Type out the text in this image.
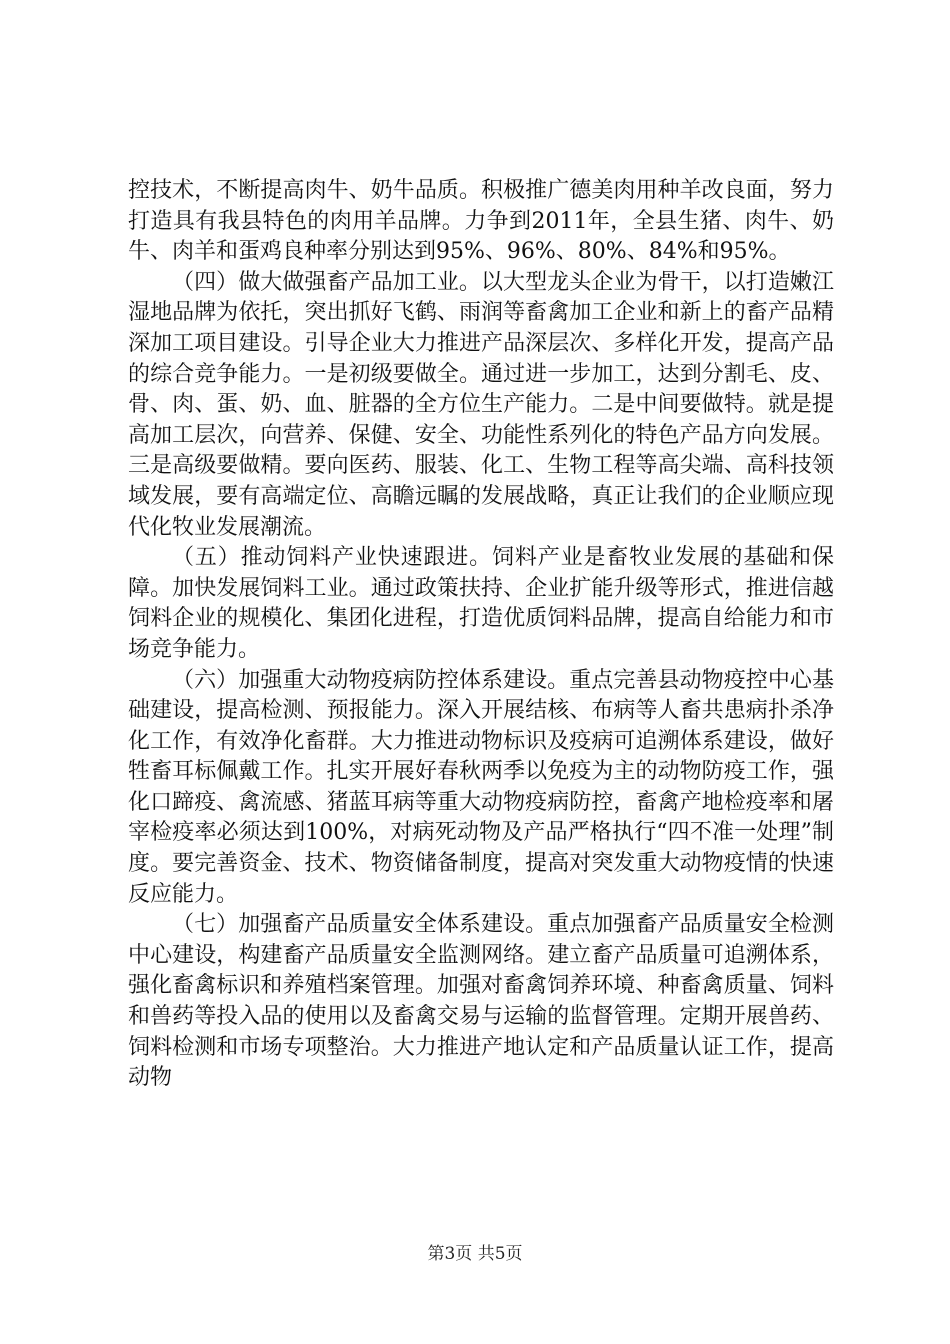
控技术，不断提高肉牛、奶牛品质。积极推广德美肉用种羊改良面，努力打造具有我县特色的肉用羊品牌。力争到2011年，全县生猪、肉牛、奶牛、肉羊和蛋鸡良种率分别达到95%、96%、80%、84%和95%。

（四）做大做强畜产品加工业。以大型龙头企业为骨干，以打造嫩江湿地品牌为依托，突出抓好飞鹤、雨润等畜禽加工企业和新上的畜产品精深加工项目建设。引导企业大力推进产品深层次、多样化开发，提高产品的综合竞争能力。一是初级要做全。通过进一步加工，达到分割毛、皮、骨、肉、蛋、奶、血、脏器的全方位生产能力。二是中间要做特。就是提高加工层次，向营养、保健、安全、功能性系列化的特色产品方向发展。三是高级要做精。要向医药、服装、化工、生物工程等高尖端、高科技领域发展，要有高端定位、高瞻远瞩的发展战略，真正让我们的企业顺应现代化牧业发展潮流。

（五）推动饲料产业快速跟进。饲料产业是畜牧业发展的基础和保障。加快发展饲料工业。通过政策扶持、企业扩能升级等形式，推进信越饲料企业的规模化、集团化进程，打造优质饲料品牌，提高自给能力和市场竞争能力。

（六）加强重大动物疫病防控体系建设。重点完善县动物疫控中心基础建设，提高检测、预报能力。深入开展结核、布病等人畜共患病扑杀净化工作，有效净化畜群。大力推进动物标识及疫病可追溯体系建设，做好牲畜耳标佩戴工作。扎实开展好春秋两季以免疫为主的动物防疫工作，强化口蹄疫、禽流感、猪蓝耳病等重大动物疫病防控，畜禽产地检疫率和屠宰检疫率必须达到100%，对病死动物及产品严格执行“四不准一处理”制度。要完善资金、技术、物资储备制度，提高对突发重大动物疫情的快速反应能力。

（七）加强畜产品质量安全体系建设。重点加强畜产品质量安全检测中心建设，构建畜产品质量安全监测网络。建立畜产品质量可追溯体系，强化畜禽标识和养殖档案管理。加强对畜禽饲养环境、种畜禽质量、饲料和兽药等投入品的使用以及畜禽交易与运输的监督管理。定期开展兽药、饲料检测和市场专项整治。大力推进产地认定和产品质量认证工作，提高动物

第3页 共5页
